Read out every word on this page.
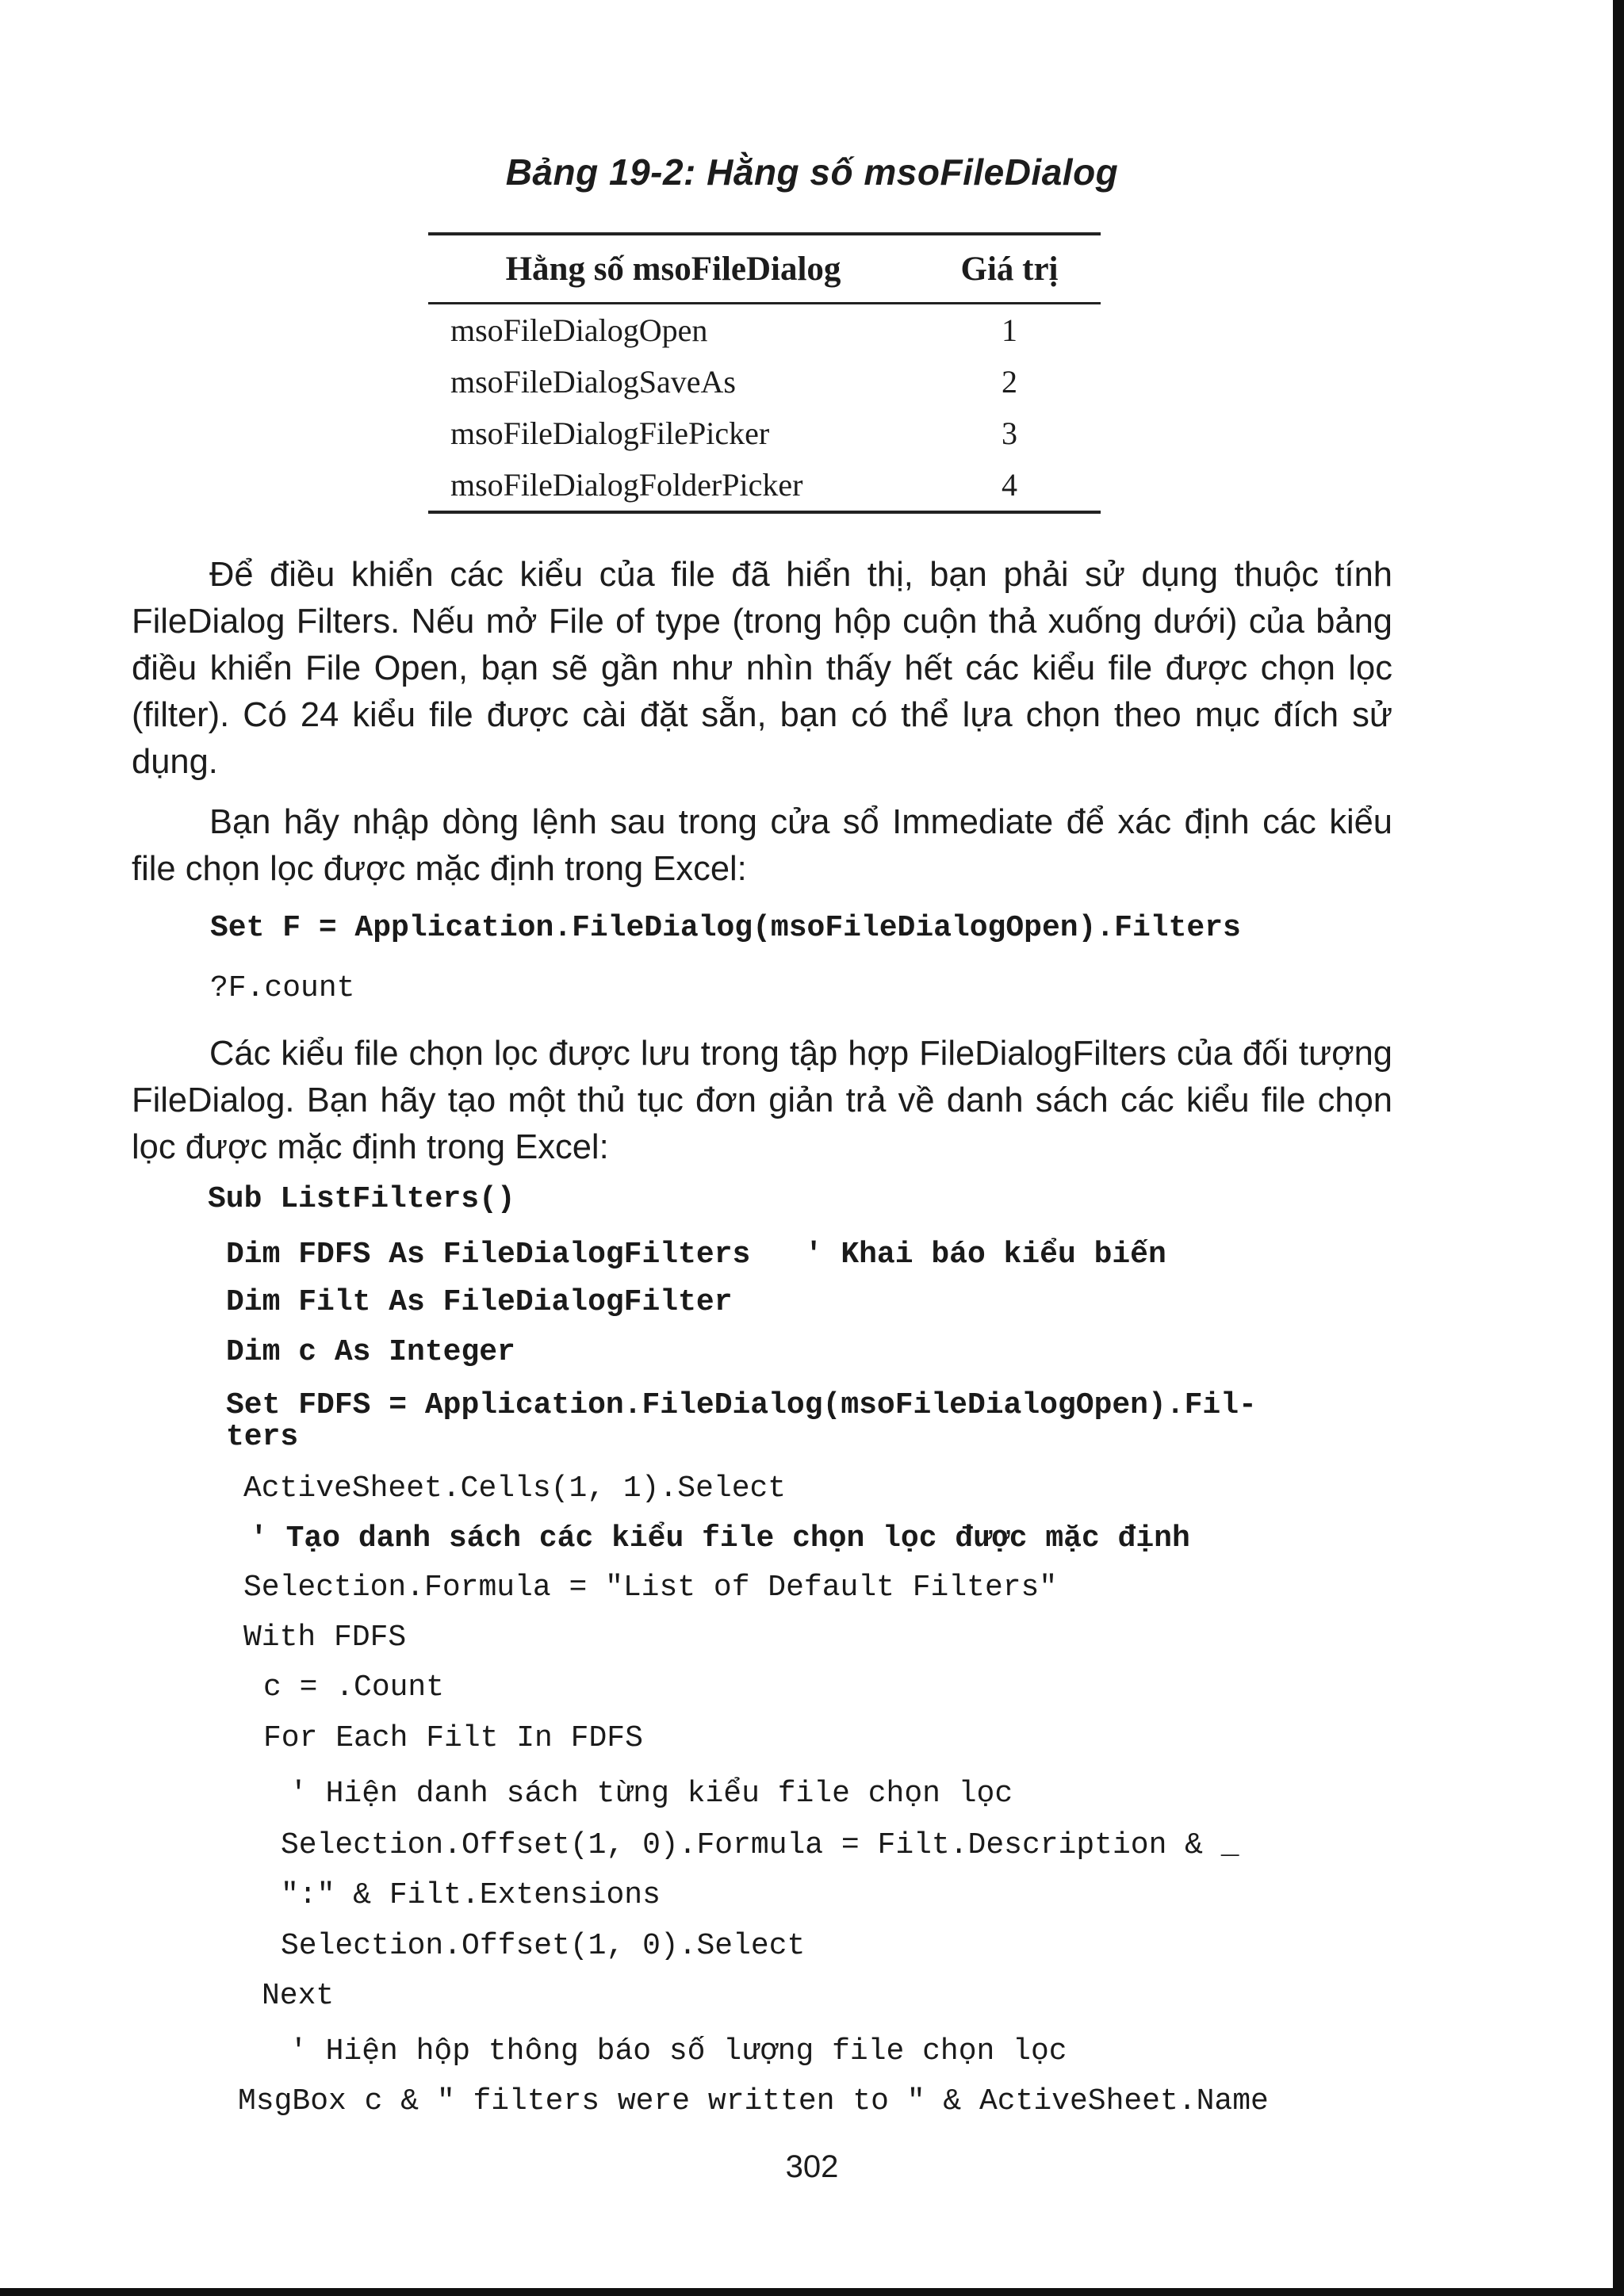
Bảng 19-2: Hằng số msoFileDialog
Hằng số msoFileDialog	Giá trị
msoFileDialogOpen	1
msoFileDialogSaveAs	2
msoFileDialogFilePicker	3
msoFileDialogFolderPicker	4

Để điều khiển các kiểu của file đã hiển thị, bạn phải sử dụng thuộc tính FileDialog Filters. Nếu mở File of type (trong hộp cuộn thả xuống dưới) của bảng điều khiển File Open, bạn sẽ gần như nhìn thấy hết các kiểu file được chọn lọc (filter). Có 24 kiểu file được cài đặt sẵn, bạn có thể lựa chọn theo mục đích sử dụng.

Bạn hãy nhập dòng lệnh sau trong cửa sổ Immediate để xác định các kiểu file chọn lọc được mặc định trong Excel:

Set F = Application.FileDialog(msoFileDialogOpen).Filters
?F.count

Các kiểu file chọn lọc được lưu trong tập hợp FileDialogFilters của đối tượng FileDialog. Bạn hãy tạo một thủ tục đơn giản trả về danh sách các kiểu file chọn lọc được mặc định trong Excel:

Sub ListFilters()
Dim FDFS As FileDialogFilters   ' Khai báo kiểu biến
Dim Filt As FileDialogFilter
Dim c As Integer
Set FDFS = Application.FileDialog(msoFileDialogOpen).Fil-
ters
ActiveSheet.Cells(1, 1).Select
' Tạo danh sách các kiểu file chọn lọc được mặc định
Selection.Formula = "List of Default Filters"
With FDFS
c = .Count
For Each Filt In FDFS
' Hiện danh sách từng kiểu file chọn lọc
Selection.Offset(1, 0).Formula = Filt.Description & _
":" & Filt.Extensions
Selection.Offset(1, 0).Select
Next
' Hiện hộp thông báo số lượng file chọn lọc
MsgBox c & " filters were written to " & ActiveSheet.Name
302
